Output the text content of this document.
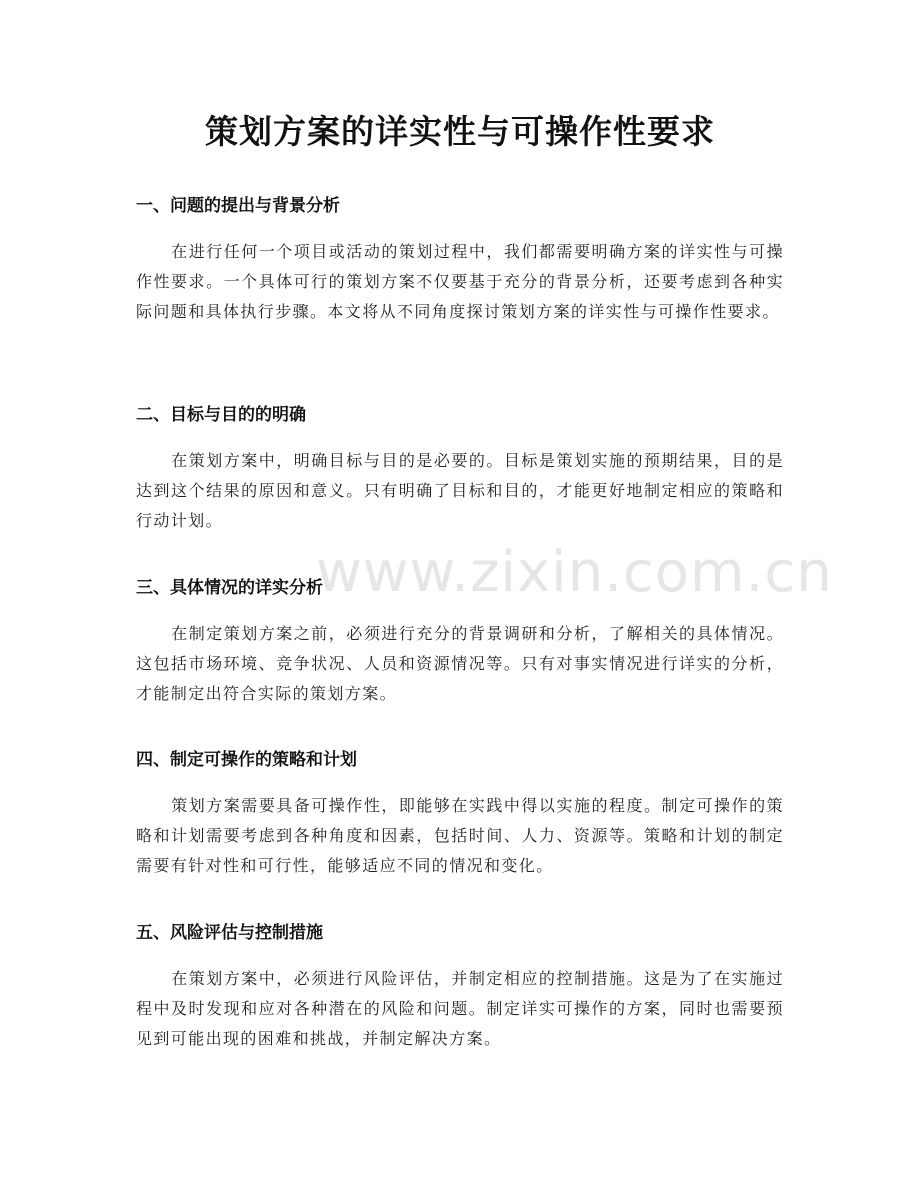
策划方案的详实性与可操作性要求
一、问题的提出与背景分析

在进行任何一个项目或活动的策划过程中，我们都需要明确方案的详实性与可操作性要求。一个具体可行的策划方案不仅要基于充分的背景分析，还要考虑到各种实际问题和具体执行步骤。本文将从不同角度探讨策划方案的详实性与可操作性要求。

二、目标与目的的明确

在策划方案中，明确目标与目的是必要的。目标是策划实施的预期结果，目的是达到这个结果的原因和意义。只有明确了目标和目的，才能更好地制定相应的策略和行动计划。

三、具体情况的详实分析

在制定策划方案之前，必须进行充分的背景调研和分析，了解相关的具体情况。这包括市场环境、竞争状况、人员和资源情况等。只有对事实情况进行详实的分析，才能制定出符合实际的策划方案。

四、制定可操作的策略和计划

策划方案需要具备可操作性，即能够在实践中得以实施的程度。制定可操作的策略和计划需要考虑到各种角度和因素，包括时间、人力、资源等。策略和计划的制定需要有针对性和可行性，能够适应不同的情况和变化。

五、风险评估与控制措施

在策划方案中，必须进行风险评估，并制定相应的控制措施。这是为了在实施过程中及时发现和应对各种潜在的风险和问题。制定详实可操作的方案，同时也需要预见到可能出现的困难和挑战，并制定解决方案。

www.zixin.com.cn
